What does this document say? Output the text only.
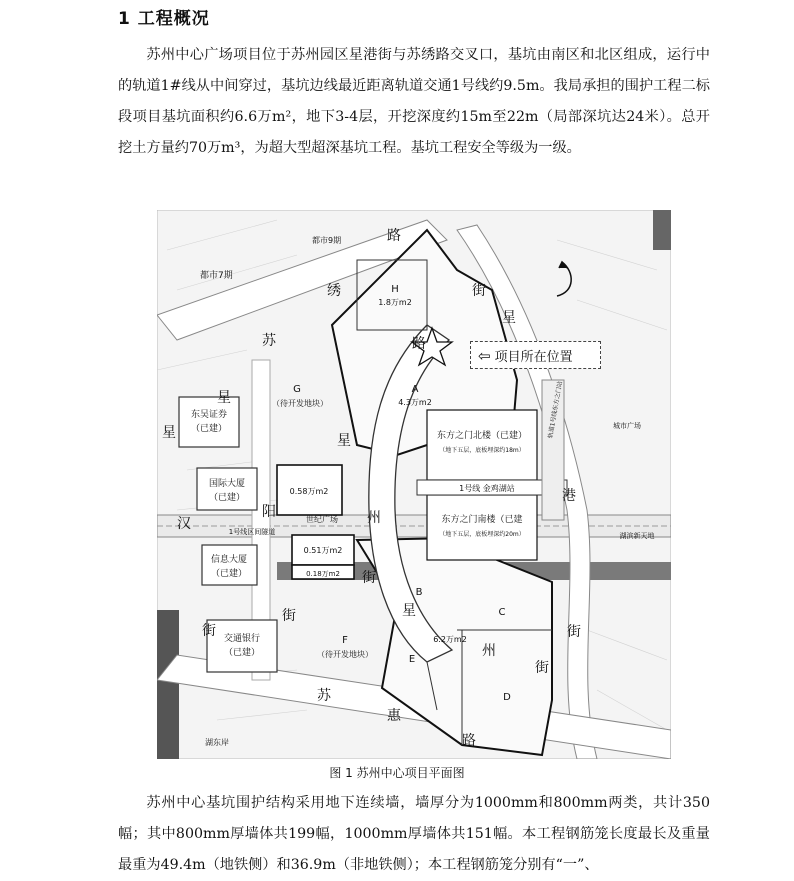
1 工程概况

苏州中心广场项目位于苏州园区星港街与苏绣路交叉口，基坑由南区和北区组成，运行中的轨道1#线从中间穿过，基坑边线最近距离轨道交通1号线约9.5m。我局承担的围护工程二标段项目基坑面积约6.6万m²，地下3-4层，开挖深度约15m至22m（局部深坑达24米）。总开挖土方量约70万m³，为超大型超深基坑工程。基坑工程安全等级为一级。

都市9期
都市7期
苏
绣
路
街
星
星
星
星
汉
阳	州
港
街
街
街
街
苏
惠
路
星
州
街
路
H
1.8万m2
A
4.3万m2
G
（待开发地块）
B
C
D
E
F
（待开发地块）
6.2万m2
0.58万m2
0.51万m2
0.18万m2
东吴证券
（已建）
国际大厦
（已建）
信息大厦
（已建）
交通银行
（已建）
东方之门北楼（已建）
（地下五层，底板埋深约18m）
东方之门南楼（已建
（地下五层，底板埋深约20m）
1号线 金鸡湖站
1号线区间隧道
世纪广场
城市广场
湖滨新天地
湖东岸
轨道1号线东方之门站
⇦ 项目所在位置
图 1 苏州中心项目平面图

苏州中心基坑围护结构采用地下连续墙，墙厚分为1000mm和800mm两类，共计350幅；其中800mm厚墙体共199幅，1000mm厚墙体共151幅。本工程钢筋笼长度最长及重量最重为49.4m（地铁侧）和36.9m（非地铁侧）；本工程钢筋笼分别有“一”、
